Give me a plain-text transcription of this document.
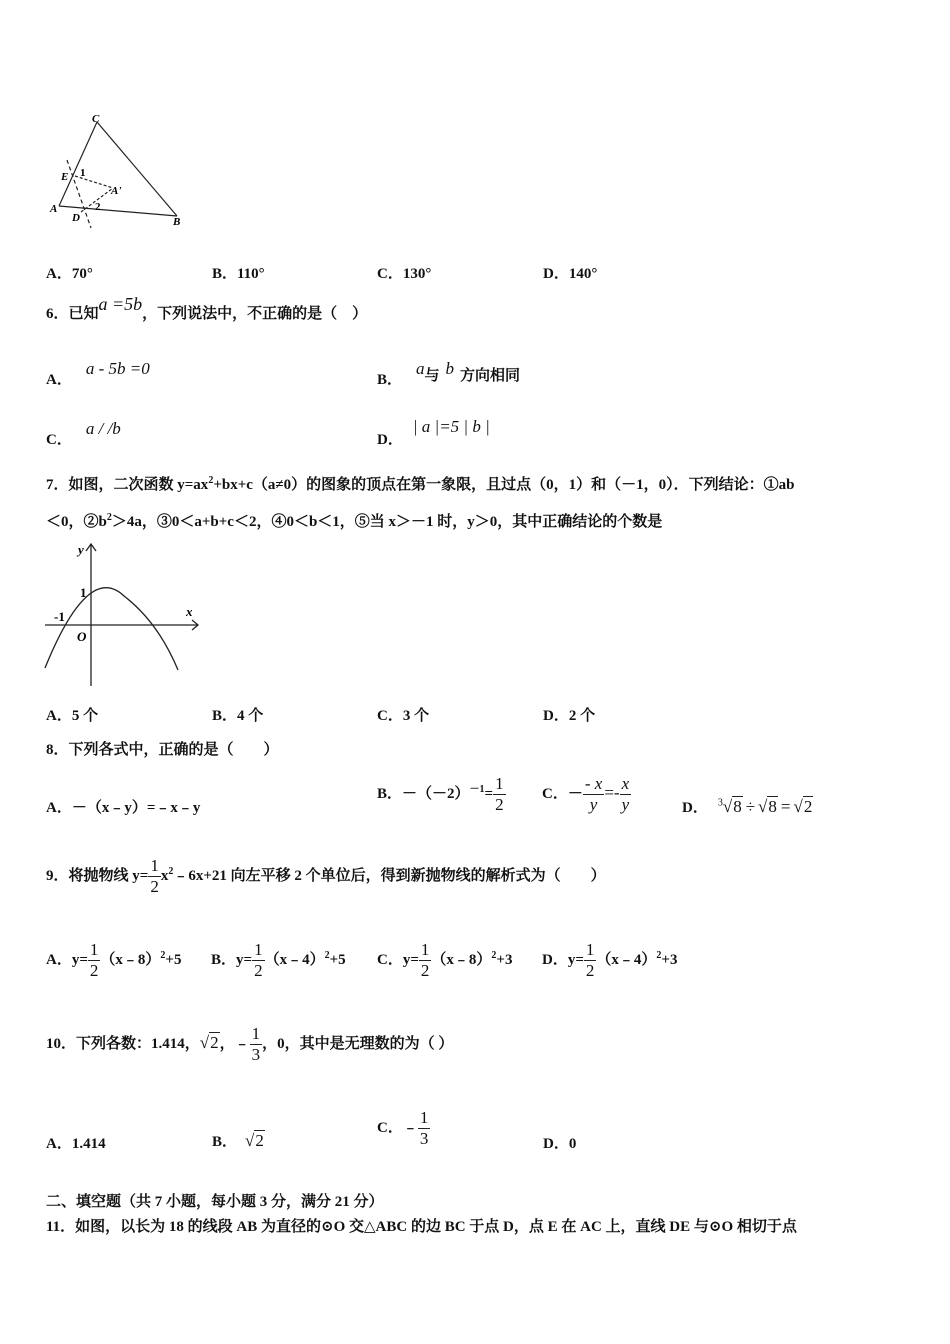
C
E 1
A'
A
D
2
B
A．70°	B．110°	C．130°	D．140°
6．已知a =5b，下列说法中，不正确的是（　）
A．a - 5b =0
B．a与 b 方向相同
C．a / /b
D．| a |=5 | b |
7．如图，二次函数 $y=ax^2+bx+c(a\ne 0)$的图象的顶点在第一象限，且过点（0，1）和（－1，0）．下列结论：①ab
＜0，$②b^2>4a$，③0＜a+b+c＜2，④0＜b＜1，⑤当 x＞－1 时，y＞0，其中正确结论的个数是
y
x
1
-1
O
A．5 个	B．4 个	C．3 个	D．2 个
8．下列各式中，正确的是（　　）
A．－（x﹣y）=﹣x﹣y
B．$-(-2)^{-1}= \frac{1}{2}$ C．－ $\frac{- x}{y} =- \frac{x}{y}$	D． $^3$√8 ÷ √8 = √2
9．将抛物线 $y= \frac{1}{2}$ $x^2﹣6x+21$ 向左平移 2 个单位后，得到新抛物线的解析式为（　　）
A．$y= \frac{1}{2}$ （x﹣8）$^2$+5 B．$y= \frac{1}{2}$ （x﹣4）$^2$+5 C．$y= \frac{1}{2}$ （x﹣8）$^2$+3 D．$y= \frac{1}{2}$ （x﹣4）$^2$+3
10．下列各数：1.414，√2，﹣ $\frac{1}{3}$ ，0，其中是无理数的为（ ）
A．1.414	B． √2
C．﹣ $\frac{1}{3}$	D．0
二、填空题（共 7 小题，每小题 3 分，满分 21 分）
11．如图，以长为 18 的线段 AB 为直径的⊙O 交△ABC 的边 BC 于点 D，点 E 在 AC 上，直线 DE 与⊙O 相切于点
